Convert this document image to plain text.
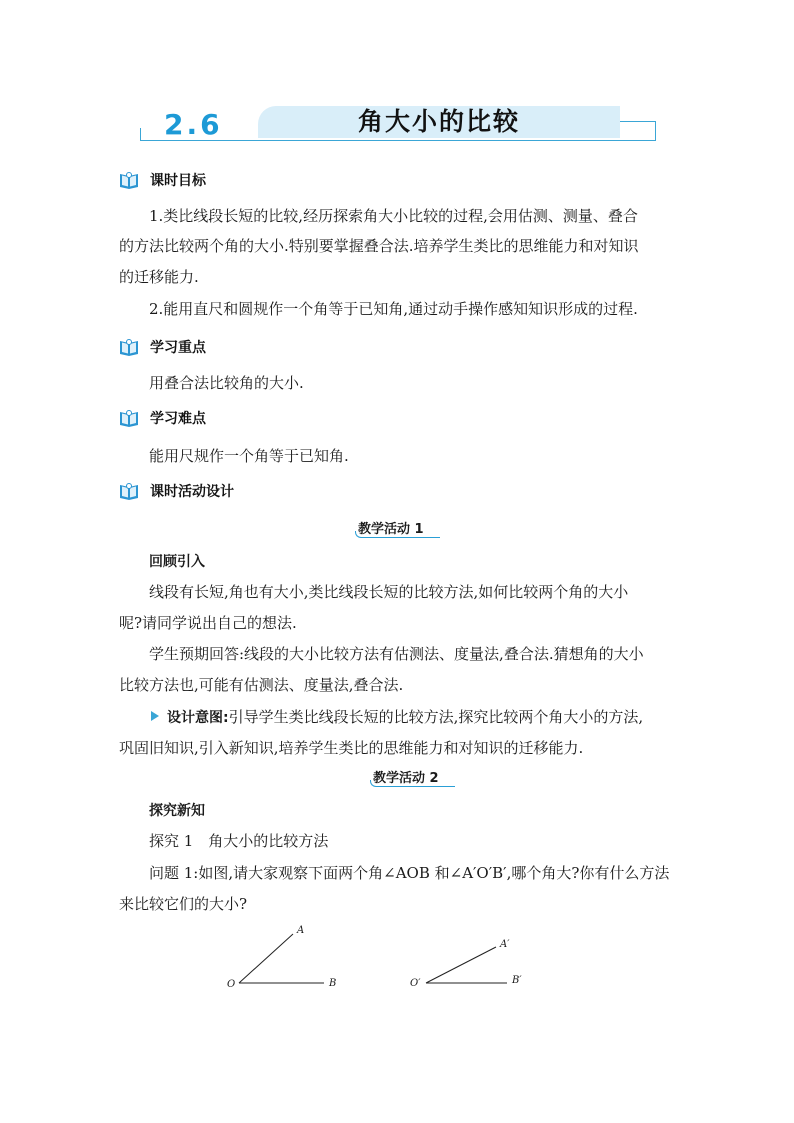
2.6	角大小的比较
课时目标
1.类比线段长短的比较,经历探索角大小比较的过程,会用估测、测量、叠合
的方法比较两个角的大小.特别要掌握叠合法.培养学生类比的思维能力和对知识
的迁移能力.
2.能用直尺和圆规作一个角等于已知角,通过动手操作感知知识形成的过程.
学习重点
用叠合法比较角的大小.
学习难点
能用尺规作一个角等于已知角.
课时活动设计
教学活动 1
回顾引入
线段有长短,角也有大小,类比线段长短的比较方法,如何比较两个角的大小
呢?请同学说出自己的想法.
学生预期回答:线段的大小比较方法有估测法、度量法,叠合法.猜想角的大小
比较方法也,可能有估测法、度量法,叠合法.
设计意图:引导学生类比线段长短的比较方法,探究比较两个角大小的方法,
巩固旧知识,引入新知识,培养学生类比的思维能力和对知识的迁移能力.
教学活动 2
探究新知
探究 1　角大小的比较方法
问题 1:如图,请大家观察下面两个角∠AOB 和∠A′O′B′,哪个角大?你有什么方法
来比较它们的大小?
O
A
B	O′
A′
B′
